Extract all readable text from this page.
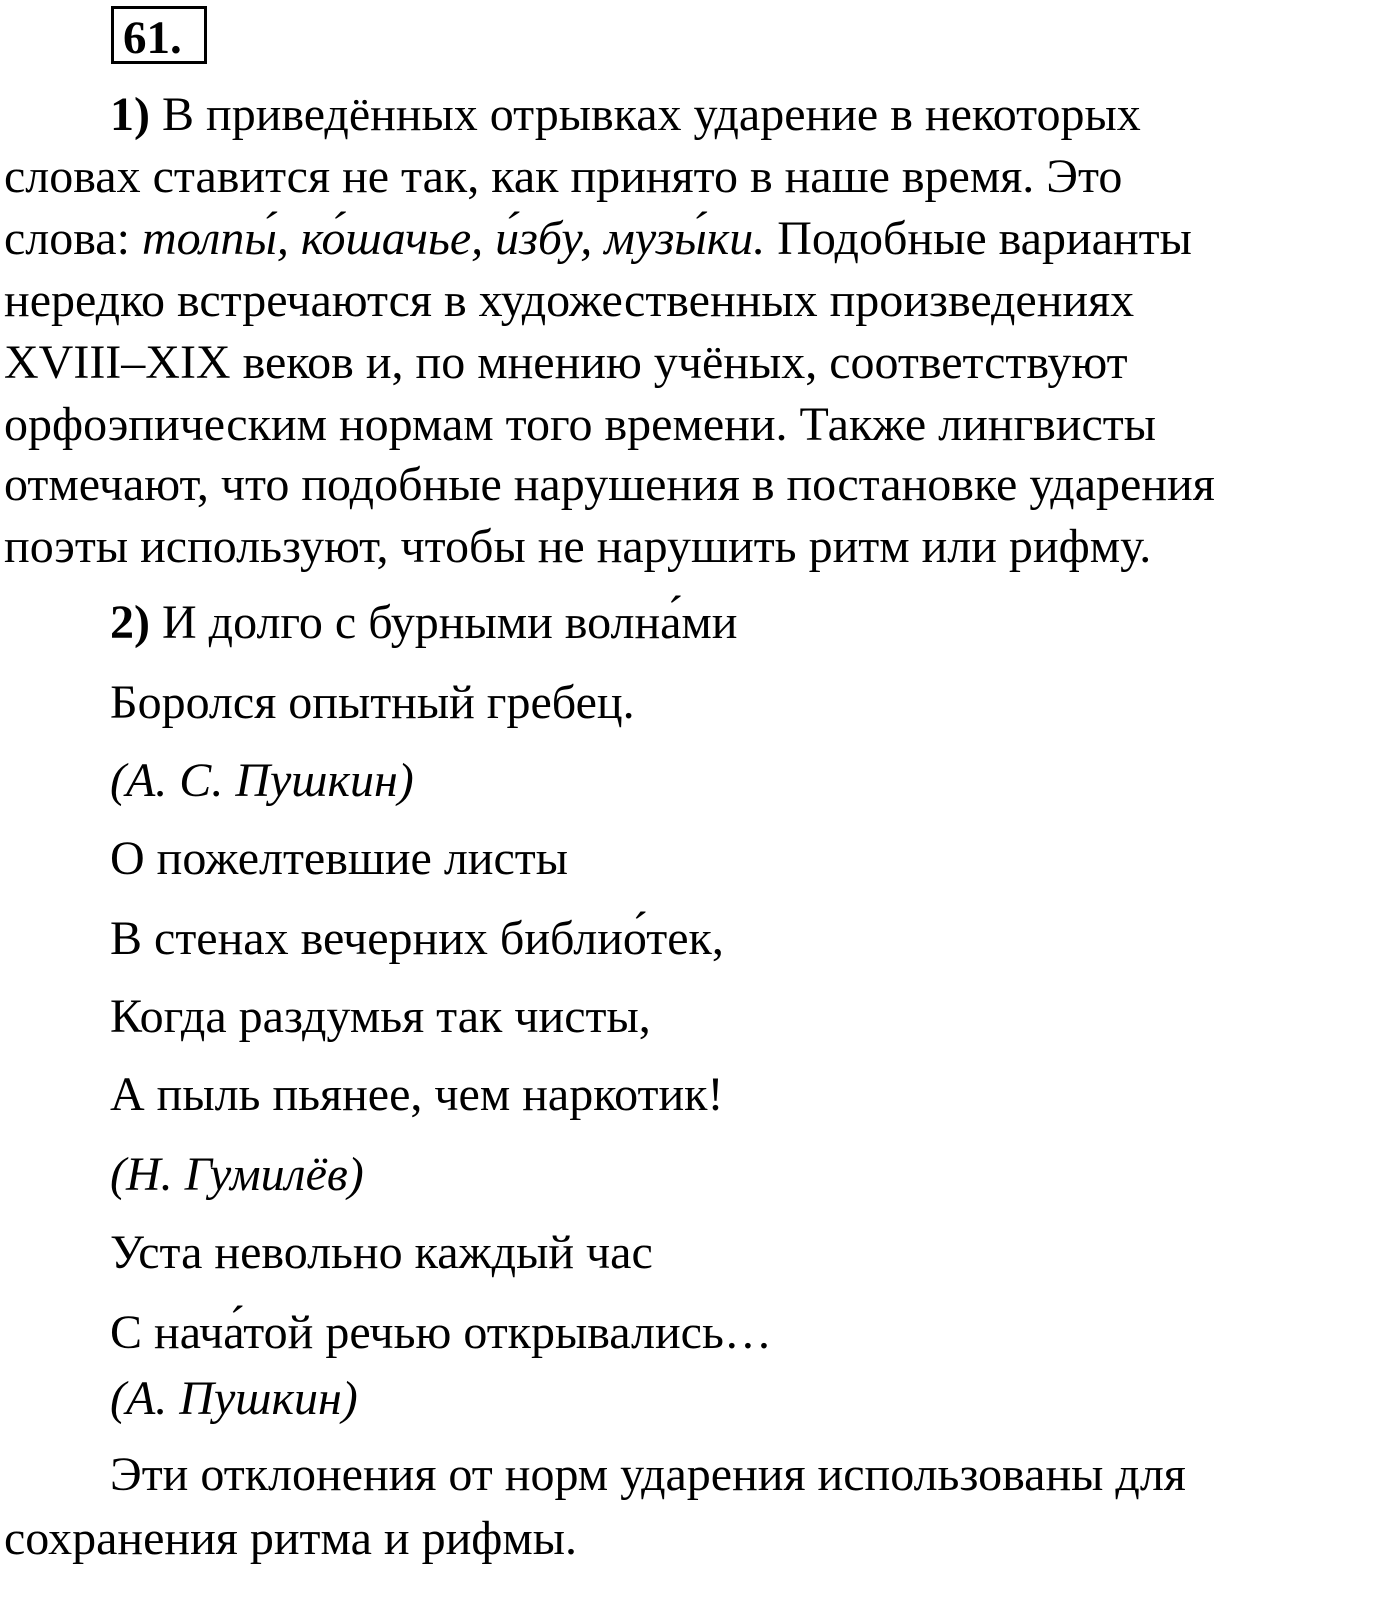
61.
1) В приведённых отрывках ударение в некоторых
словах ставится не так, как принято в наше время. Это
слова: толпы́, ко́шачье, и́збу, музы́ки. Подобные варианты
нередко встречаются в художественных произведениях
XVIII–XIX веков и, по мнению учёных, соответствуют
орфоэпическим нормам того времени. Также лингвисты
отмечают, что подобные нарушения в постановке ударения
поэты используют, чтобы не нарушить ритм или рифму.
2) И долго с бурными волна́ми
Боролся опытный гребец.
(А. С. Пушкин)
О пожелтевшие листы
В стенах вечерних библио́тек,
Когда раздумья так чисты,
А пыль пьянее, чем наркотик!
(Н. Гумилёв)
Уста невольно каждый час
С нача́той речью открывались…
(А. Пушкин)
Эти отклонения от норм ударения использованы для
сохранения ритма и рифмы.
